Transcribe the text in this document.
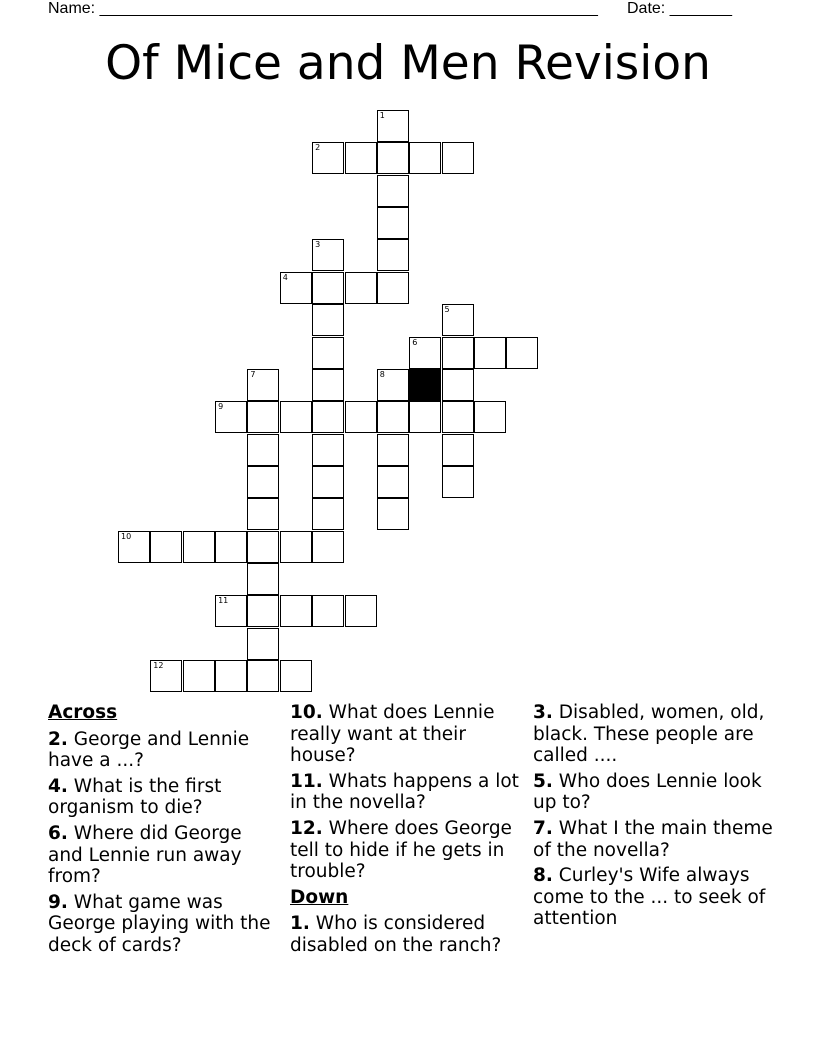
Name: ________________________________________________________ Date: _______
Of Mice and Men Revision
1
2
3
4
5
6
7	8
9
10
11
12
Across
2. George and Lennie have a ...?
4. What is the first organism to die?
6. Where did George and Lennie run away from?
9. What game was George playing with the deck of cards?
10. What does Lennie really want at their house?
11. Whats happens a lot in the novella?
12. Where does George tell to hide if he gets in trouble?
Down
1. Who is considered disabled on the ranch?
3. Disabled, women, old, black. These people are called ....
5. Who does Lennie look up to?
7. What I the main theme of the novella?
8. Curley's Wife always come to the ... to seek of attention
